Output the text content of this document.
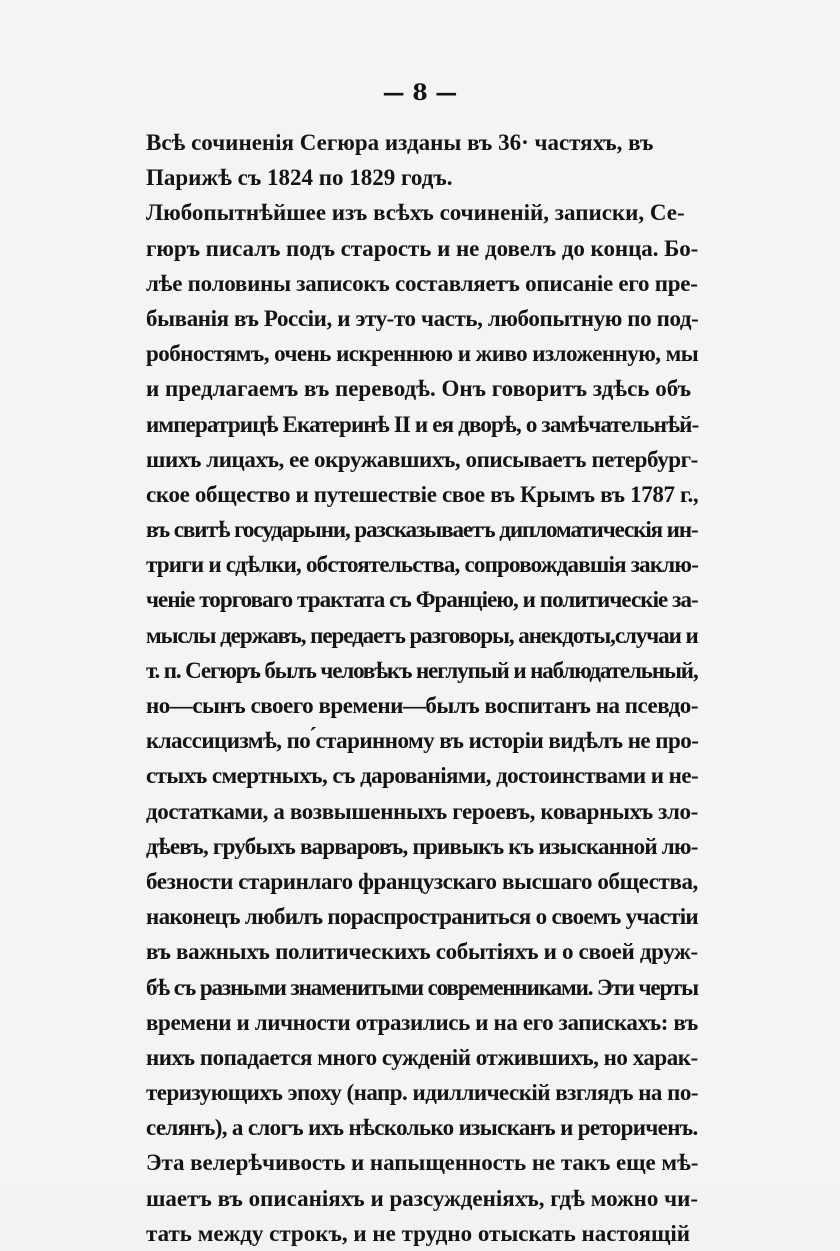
— 8 —
Всѣ сочиненія Сегюра изданы въ 36· частяхъ, въ
Парижѣ съ 1824 по 1829 годъ.
Любопытнѣйшее изъ всѣхъ сочиненій, записки, Се-
гюръ писалъ подъ старость и не довелъ до конца. Бо-
лѣе половины записокъ составляетъ описаніе его пре-
быванія въ Россіи, и эту-то часть, любопытную по под-
робностямъ, очень искреннюю и живо изложенную, мы
и предлагаемъ въ переводѣ. Онъ говоритъ здѣсь объ
императрицѣ Екатеринѣ II и ея дворѣ, о замѣчательнѣй-
шихъ лицахъ, ее окружавшихъ, описываетъ петербург-
ское общество и путешествіе свое въ Крымъ въ 1787 г.,
въ свитѣ государыни, разсказываетъ дипломатическія ин-
триги и сдѣлки, обстоятельства, сопровождавшія заклю-
ченіе торговаго трактата съ Франціею, и политическіе за-
мыслы державъ, передаетъ разговоры, анекдоты,случаи и
т. п. Сегюръ былъ человѣкъ неглупый и наблюдательный,
но—сынъ своего времени—былъ воспитанъ на псевдо-
классицизмѣ, по ́старинному въ исторіи видѣлъ не про-
стыхъ смертныхъ, съ дарованіями, достоинствами и не-
достатками, а возвышенныхъ героевъ, коварныхъ зло-
дѣевъ, грубыхъ варваровъ, привыкъ къ изысканной лю-
безности старинлаго французскаго высшаго общества,
наконецъ любилъ пораспространиться о своемъ участіи
въ важныхъ политическихъ событіяхъ и о своей друж-
бѣ съ разными знаменитыми современниками. Эти черты
времени и личности отразились и на его запискахъ: въ
нихъ попадается много сужденій отжившихъ, но харак-
теризующихъ эпоху (напр. идиллическій взглядъ на по-
селянъ), а слогъ ихъ нѣсколько изысканъ и реториченъ.
Эта велерѣчивость и напыщенность не такъ еще мѣ-
шаетъ въ описаніяхъ и разсужденіяхъ, гдѣ можно чи-
тать между строкъ, и не трудно отыскать настоящій
